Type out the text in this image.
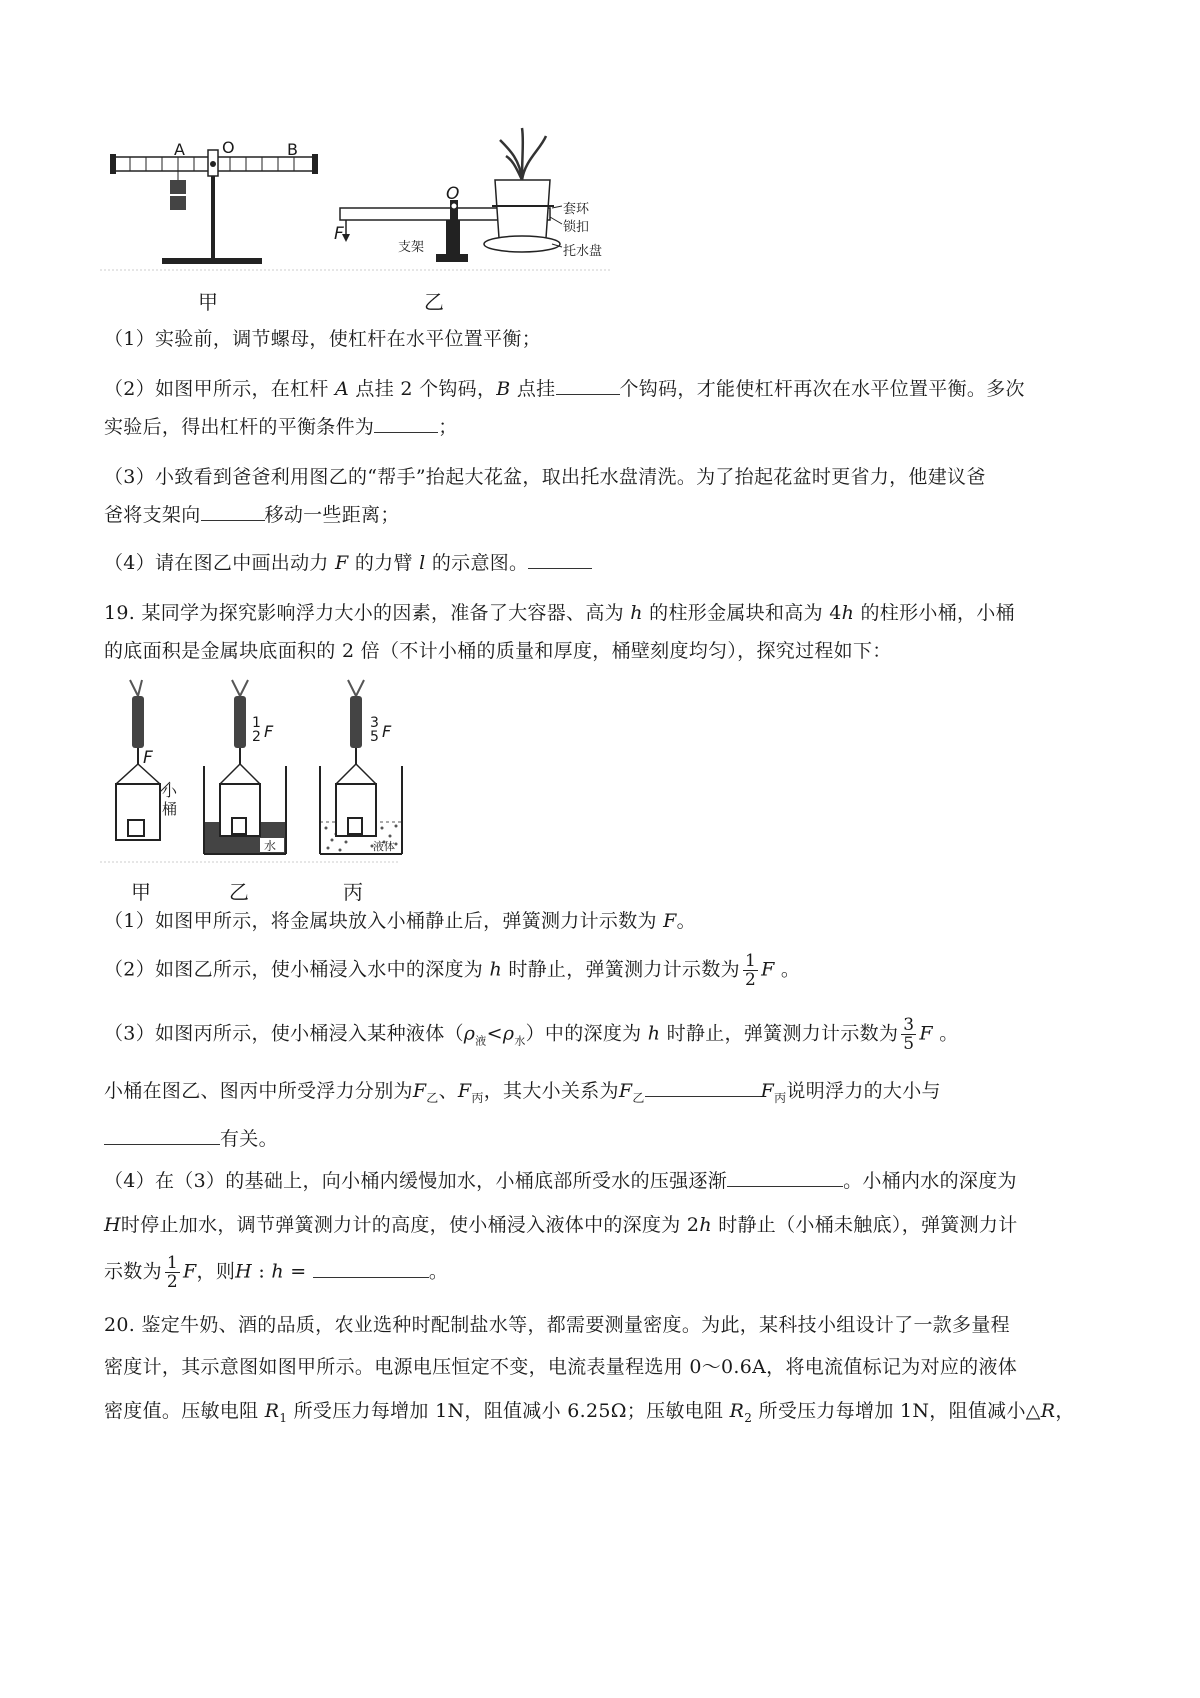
A O	B
O
F
支架
套环
锁扣
托水盘
甲	乙
（1）实验前，调节螺母，使杠杆在水平位置平衡；
（2）如图甲所示，在杠杆 A 点挂 2 个钩码，B 点挂	个钩码，才能使杠杆再次在水平位置平衡。多次
实验后，得出杠杆的平衡条件为	；
（3）小致看到爸爸利用图乙的“帮手”抬起大花盆，取出托水盘清洗。为了抬起花盆时更省力，他建议爸
爸将支架向	移动一些距离；
（4）请在图乙中画出动力 F 的力臂 l 的示意图。
19. 某同学为探究影响浮力大小的因素，准备了大容器、高为 h 的柱形金属块和高为 4h 的柱形小桶，小桶
的底面积是金属块底面积的 2 倍（不计小桶的质量和厚度，桶壁刻度均匀），探究过程如下：
F
小桶
1
2 F	3
5 F
水	液体
甲	乙	丙
（1）如图甲所示，将金属块放入小桶静止后，弹簧测力计示数为 F。
（2）如图乙所示，使小桶浸入水中的深度为 h 时静止，弹簧测力计示数为 $\frac{1}{2}$ F 。
（3）如图丙所示，使小桶浸入某种液体$(\rho_液<\rho_水)$中的深度为 h 时静止，弹簧测力计示数为 $\frac{3}{5}$ F 。
小桶在图乙、图丙中所受浮力分别为$F_乙$、$F_丙$，其大小关系为$F_乙$	$F_丙$说明浮力的大小与
有关。
（4）在（3）的基础上，向小桶内缓慢加水，小桶底部所受水的压强逐渐	。小桶内水的深度为
H时停止加水，调节弹簧测力计的高度，使小桶浸入液体中的深度为 2h 时静止（小桶未触底），弹簧测力计
示数为 $\frac{1}{2}$ F，则H : h =	。
20. 鉴定牛奶、酒的品质，农业选种时配制盐水等，都需要测量密度。为此，某科技小组设计了一款多量程
密度计，其示意图如图甲所示。电源电压恒定不变，电流表量程选用 0～0.6A，将电流值标记为对应的液体
密度值。压敏电阻 $R_1$ 所受压力每增加 1N，阻值减小 6.25Ω；压敏电阻 $R_2$ 所受压力每增加 1N，阻值减小△R，
